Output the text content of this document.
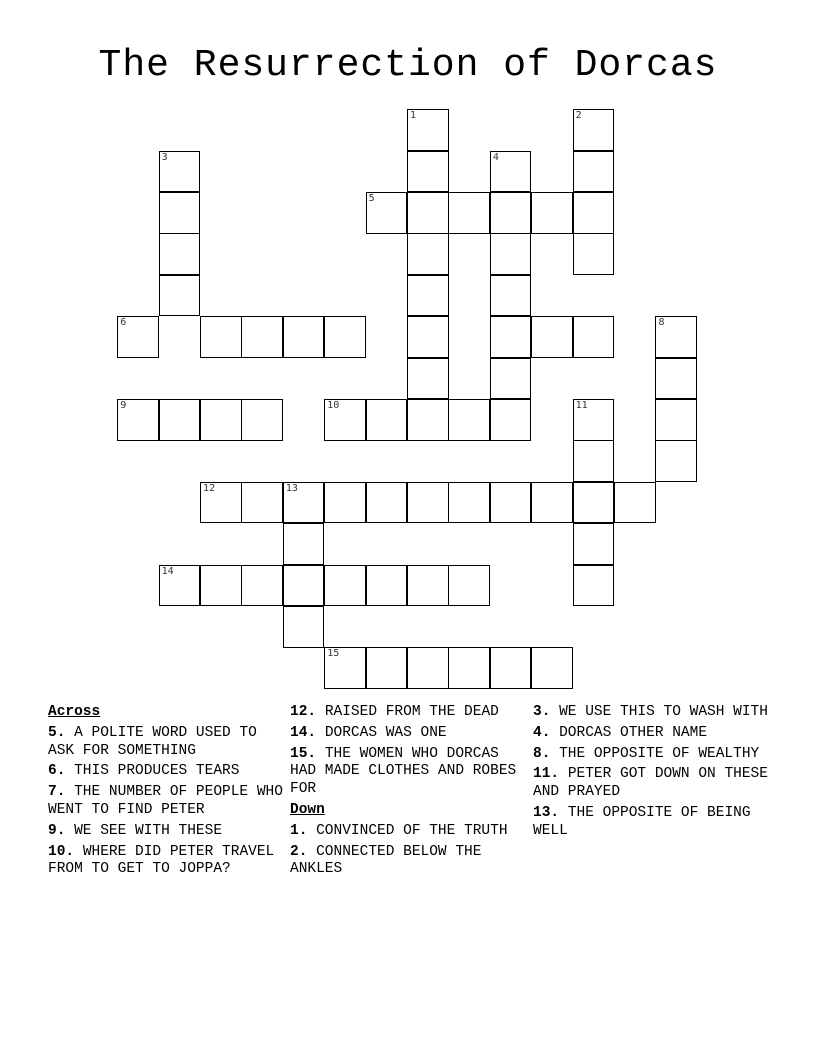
The Resurrection of Dorcas
1	2
3	4
5
6	8
9	10	11
12	13
14
15
Across
5. A POLITE WORD USED TO ASK FOR SOMETHING
6. THIS PRODUCES TEARS
7. THE NUMBER OF PEOPLE WHO WENT TO FIND PETER
9. WE SEE WITH THESE
10. WHERE DID PETER TRAVEL FROM TO GET TO JOPPA?
12. RAISED FROM THE DEAD
14. DORCAS WAS ONE
15. THE WOMEN WHO DORCAS HAD MADE CLOTHES AND ROBES FOR
Down
1. CONVINCED OF THE TRUTH
2. CONNECTED BELOW THE ANKLES
3. WE USE THIS TO WASH WITH
4. DORCAS OTHER NAME
8. THE OPPOSITE OF WEALTHY
11. PETER GOT DOWN ON THESE AND PRAYED
13. THE OPPOSITE OF BEING WELL
